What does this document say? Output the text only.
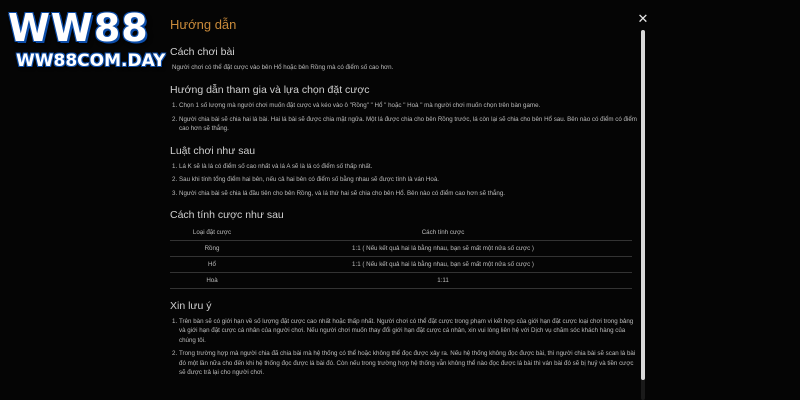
WW88
WW88COM.DAY
✕
Hướng dẫn
Cách chơi bài

Người chơi có thể đặt cược vào bên Hổ hoặc bên Rồng mà có điểm số cao hơn.

Hướng dẫn tham gia và lựa chọn đặt cược
1. Chọn 1 số lượng mà người chơi muốn đặt cược và kéo vào ô "Rồng" " Hổ " hoặc " Hoà " mà người chơi muốn chọn trên bàn game.
2. Người chia bài sẽ chia hai lá bài. Hai lá bài sẽ được chia mặt ngửa. Một lá được chia cho bên Rồng trước, lá còn lại sẽ chia cho bên Hổ sau. Bên nào có điểm có điểm cao hơn sẽ thắng.
Luật chơi như sau
1. Lá K sẽ là lá có điểm số cao nhất và lá A sẽ là lá có điểm số thấp nhất.
2. Sau khi tính tổng điểm hai bên, nếu cả hai bên có điểm số bằng nhau sẽ được tính là ván Hoà.
3. Người chia bài sẽ chia lá đầu tiên cho bên Rồng, và lá thứ hai sẽ chia cho bên Hổ. Bên nào có điểm cao hơn sẽ thắng.
Cách tính cược như sau
Loại đặt cược	Cách tính cược
Rồng	1:1 ( Nếu kết quả hai lá bằng nhau, bạn sẽ mất một nửa số cược )
Hổ	1:1 ( Nếu kết quả hai lá bằng nhau, bạn sẽ mất một nửa số cược )
Hoà	1:11
Xin lưu ý
1. Trên bàn sẽ có giới hạn về số lượng đặt cược cao nhất hoặc thấp nhất. Người chơi có thể đặt cược trong phạm vi kết hợp của giới hạn đặt cược loại chơi trong bảng và giới hạn đặt cược cá nhân của người chơi. Nếu người chơi muốn thay đổi giới hạn đặt cược cá nhân, xin vui lòng liên hệ với Dịch vụ chăm sóc khách hàng của chúng tôi.
2. Trong trường hợp mà người chia đã chia bài mà hệ thống có thể hoặc không thể đọc được xảy ra. Nếu hệ thống không đọc được bài, thì người chia bài sẽ scan lá bài đó một lần nữa cho đến khi hệ thống đọc được lá bài đó. Còn nếu trong trường hợp hệ thống vẫn không thể nào đọc được lá bài thì ván bài đó sẽ bị huỷ và tiền cược sẽ được trả lại cho người chơi.
